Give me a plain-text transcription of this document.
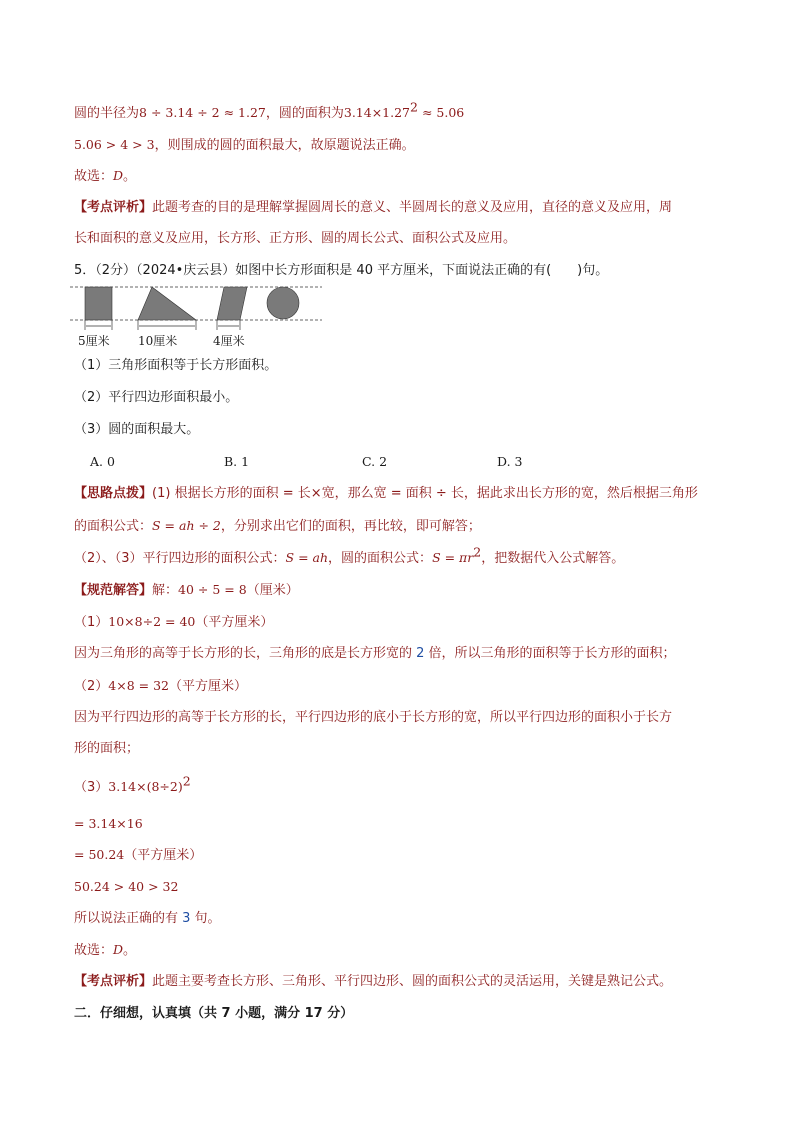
圆的半径为8 ÷ 3.14 ÷ 2 ≈ 1.27，圆的面积为$3.14\times 1.27^2 \approx 5.06$
5.06 > 4 > 3，则围成的圆的面积最大，故原题说法正确。
故选：D。
【考点评析】此题考查的目的是理解掌握圆周长的意义、半圆周长的意义及应用，直径的意义及应用，周
长和面积的意义及应用，长方形、正方形、圆的周长公式、面积公式及应用。
5．（2分）（2024•庆云县）如图中长方形面积是 40 平方厘米，下面说法正确的有(　　)句。
5厘米 10厘米	4厘米
（1）三角形面积等于长方形面积。
（2）平行四边形面积最小。
（3）圆的面积最大。
A. 0	B. 1	C. 2	D. 3
【思路点拨】(1) 根据长方形的面积 = 长×宽，那么宽 = 面积 ÷ 长，据此求出长方形的宽，然后根据三角形
的面积公式：S = ah ÷ 2，分别求出它们的面积，再比较，即可解答；
（2）、（3）平行四边形的面积公式：S = ah，圆的面积公式：$S = \pi r^2$，把数据代入公式解答。
【规范解答】解：40 ÷ 5 = 8（厘米）
（1）10×8÷2 = 40（平方厘米）
因为三角形的高等于长方形的长，三角形的底是长方形宽的 2 倍，所以三角形的面积等于长方形的面积；
（2）4×8 = 32（平方厘米）
因为平行四边形的高等于长方形的长，平行四边形的底小于长方形的宽，所以平行四边形的面积小于长方
形的面积；
$(3)3.14\times(8\div 2)^2$
= 3.14×16
= 50.24（平方厘米）
50.24 > 40 > 32
所以说法正确的有 3 句。
故选：D。
【考点评析】此题主要考查长方形、三角形、平行四边形、圆的面积公式的灵活运用，关键是熟记公式。
二．仔细想，认真填（共 7 小题，满分 17 分）
